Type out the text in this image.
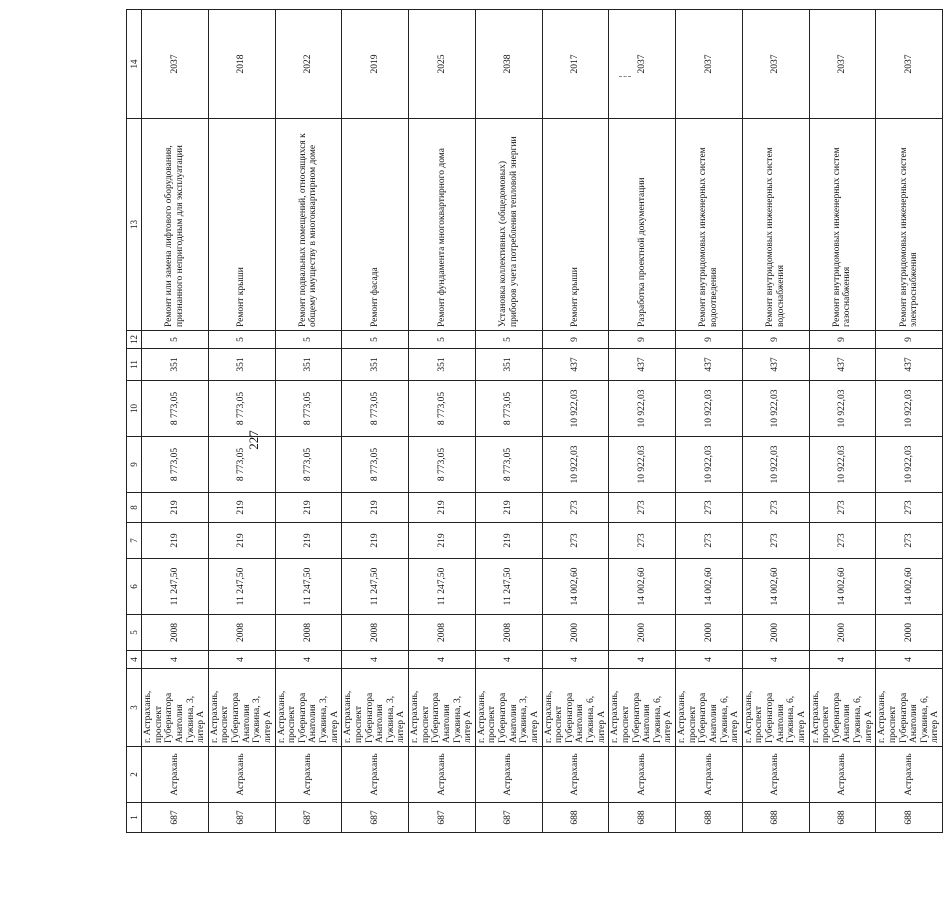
227
1	2	3	4	5	6	7	8	9	10	11	12	13	14
687	Астрахань	г. Астрахань, проспект Губернатора Анатолия Гужвина, 3, литер А	4	2008	11 247,50	219	219	8 773,05	8 773,05	351	5	Ремонт или замена лифтового оборудования, признанного непригодным для эксплуатации	2037
687	Астрахань	г. Астрахань, проспект Губернатора Анатолия Гужвина, 3, литер А	4	2008	11 247,50	219	219	8 773,05	8 773,05	351	5	Ремонт крыши	2018
687	Астрахань	г. Астрахань, проспект Губернатора Анатолия Гужвина, 3, литер А	4	2008	11 247,50	219	219	8 773,05	8 773,05	351	5	Ремонт подвальных помещений, относящихся к общему имуществу в многоквартирном доме	2022
687	Астрахань	г. Астрахань, проспект Губернатора Анатолия Гужвина, 3, литер А	4	2008	11 247,50	219	219	8 773,05	8 773,05	351	5	Ремонт фасада	2019
687	Астрахань	г. Астрахань, проспект Губернатора Анатолия Гужвина, 3, литер А	4	2008	11 247,50	219	219	8 773,05	8 773,05	351	5	Ремонт фундамента многоквартирного дома	2025
687	Астрахань	г. Астрахань, проспект Губернатора Анатолия Гужвина, 3, литер А	4	2008	11 247,50	219	219	8 773,05	8 773,05	351	5	Установка коллективных (общедомовых) приборов учета потребления тепловой энергии	2038
688	Астрахань	г. Астрахань, проспект Губернатора Анатолия Гужвина, 6, литер А	4	2000	14 002,60	273	273	10 922,03	10 922,03	437	9	Ремонт крыши	2017
688	Астрахань	г. Астрахань, проспект Губернатора Анатолия Гужвина, 6, литер А	4	2000	14 002,60	273	273	10 922,03	10 922,03	437	9	Разработка проектной документации	2037
688	Астрахань	г. Астрахань, проспект Губернатора Анатолия Гужвина, 6, литер А	4	2000	14 002,60	273	273	10 922,03	10 922,03	437	9	Ремонт внутридомовых инженерных систем водоотведения	2037
688	Астрахань	г. Астрахань, проспект Губернатора Анатолия Гужвина, 6, литер А	4	2000	14 002,60	273	273	10 922,03	10 922,03	437	9	Ремонт внутридомовых инженерных систем водоснабжения	2037
688	Астрахань	г. Астрахань, проспект Губернатора Анатолия Гужвина, 6, литер А	4	2000	14 002,60	273	273	10 922,03	10 922,03	437	9	Ремонт внутридомовых инженерных систем газоснабжения	2037
688	Астрахань	г. Астрахань, проспект Губернатора Анатолия Гужвина, 6, литер А	4	2000	14 002,60	273	273	10 922,03	10 922,03	437	9	Ремонт внутридомовых инженерных систем электроснабжения	2037
